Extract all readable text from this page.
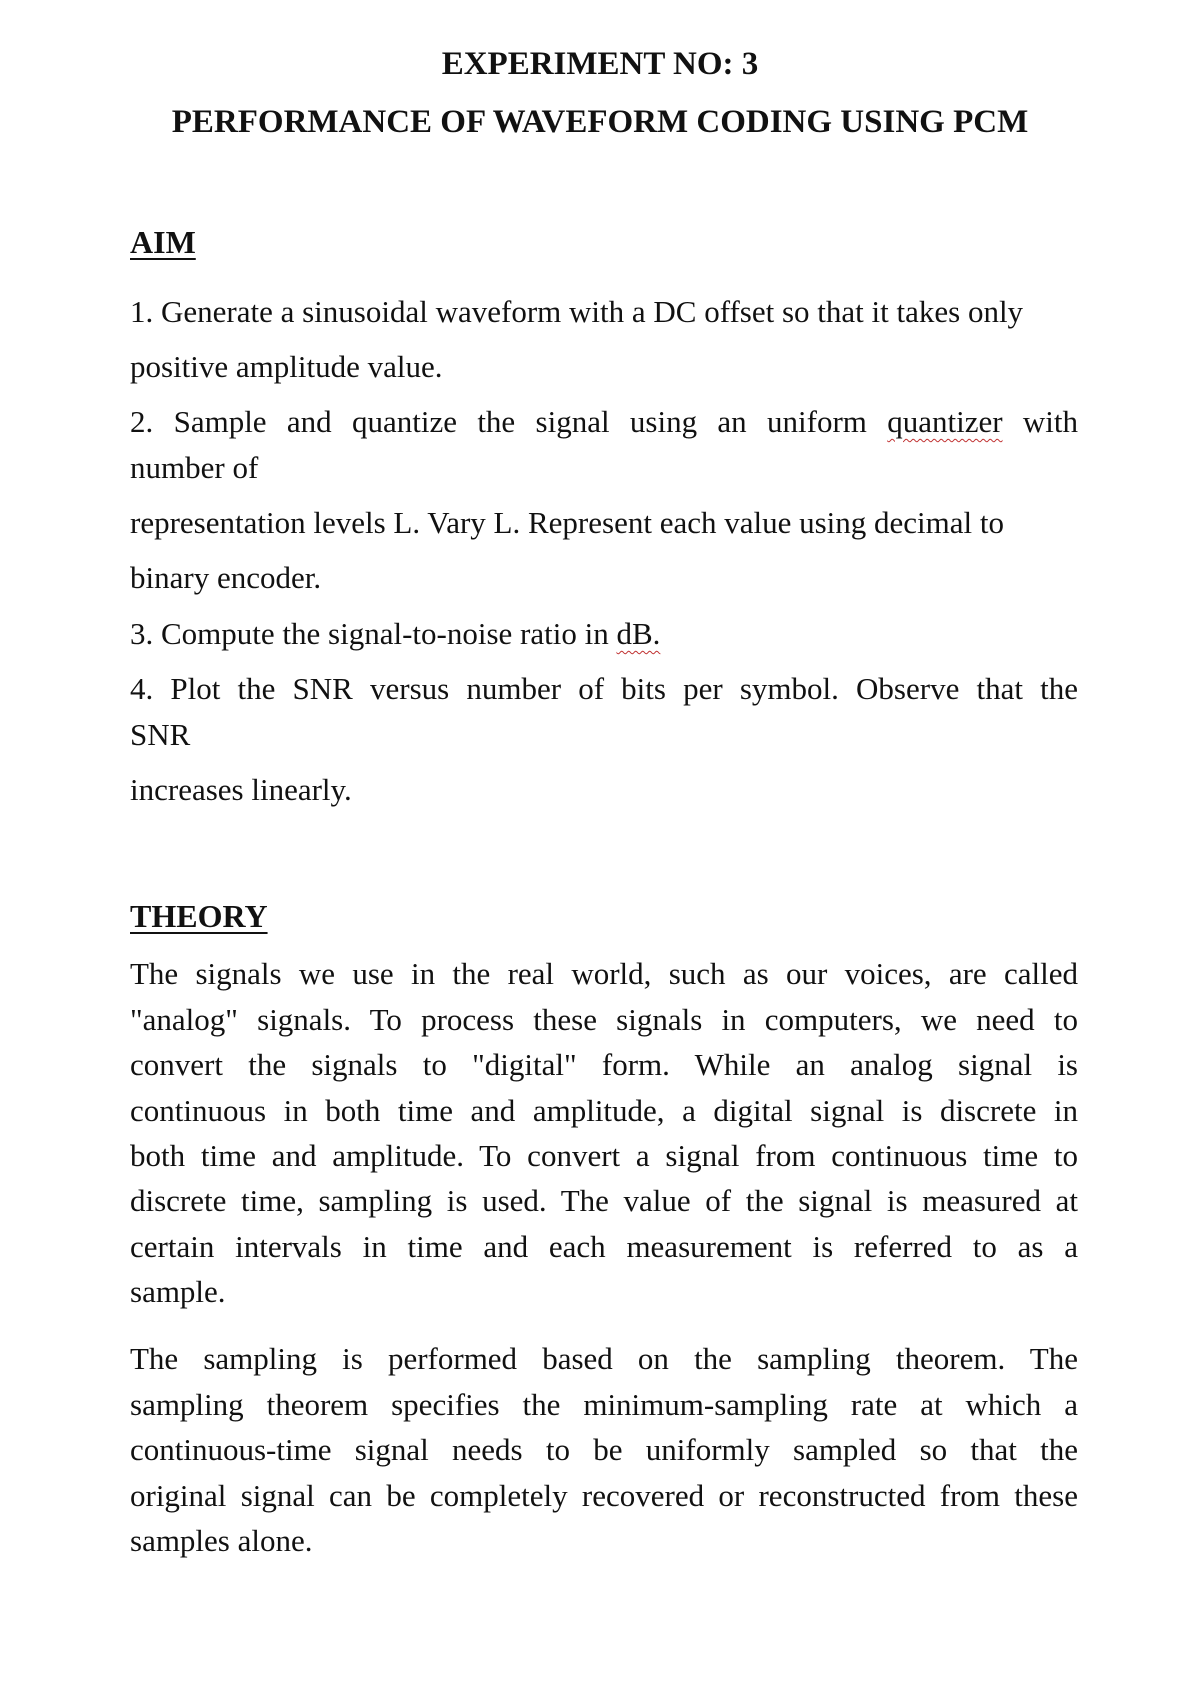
EXPERIMENT NO: 3
PERFORMANCE OF WAVEFORM CODING USING PCM
AIM

1. Generate a sinusoidal waveform with a DC offset so that it takes only

positive amplitude value.

2. Sample and quantize the signal using an uniform quantizer with

number of

representation levels L. Vary L. Represent each value using decimal to

binary encoder.

3. Compute the signal-to-noise ratio in dB.

4. Plot the SNR versus number of bits per symbol. Observe that the

SNR

increases linearly.

THEORY

The signals we use in the real world, such as our voices, are called

"analog" signals. To process these signals in computers, we need to

convert the signals to "digital" form. While an analog signal is

continuous in both time and amplitude, a digital signal is discrete in

both time and amplitude. To convert a signal from continuous time to

discrete time, sampling is used. The value of the signal is measured at

certain intervals in time and each measurement is referred to as a

sample.

The sampling is performed based on the sampling theorem. The

sampling theorem specifies the minimum-sampling rate at which a

continuous-time signal needs to be uniformly sampled so that the

original signal can be completely recovered or reconstructed from these

samples alone.
